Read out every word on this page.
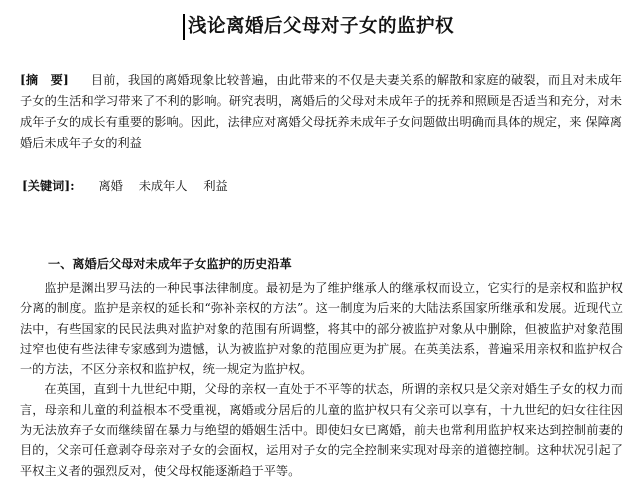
浅论离婚后父母对子女的监护权
[摘　要] 目前，我国的离婚现象比较普遍，由此带来的不仅是夫妻关系的解散和家庭的破裂，而且对未成年子女的生活和学习带来了不利的影响。研究表明，离婚后的父母对未成年子的抚养和照顾是否适当和充分，对未成年子女的成长有重要的影响。因此，法律应对离婚父母抚养未成年子女问题做出明确而具体的规定，来 保障离婚后未成年子女的利益
[关键词]: 离婚 未成年人 利益
一、离婚后父母对未成年子女监护的历史沿革

监护是渊出罗马法的一种民事法律制度。最初是为了维护继承人的继承权而设立，它实行的是亲权和监护权分离的制度。监护是亲权的延长和“弥补亲权的方法”。这一制度为后来的大陆法系国家所继承和发展。近现代立法中，有些国家的民民法典对监护对象的范围有所调整，将其中的部分被监护对象从中删除，但被监护对象范围过窄也使有些法律专家感到为遗憾，认为被监护对象的范围应更为扩展。在英美法系，普遍采用亲权和监护权合一的方法，不区分亲权和监护权，统一规定为监护权。

在英国，直到十九世纪中期，父母的亲权一直处于不平等的状态，所谓的亲权只是父亲对婚生子女的权力而言，母亲和儿童的利益根本不受重视，离婚或分居后的儿童的监护权只有父亲可以享有，十九世纪的妇女往往因为无法放弃子女而继续留在暴力与绝望的婚姻生活中。即使妇女已离婚，前夫也常利用监护权来达到控制前妻的目的，父亲可任意剥夺母亲对子女的会面权，运用对子女的完全控制来实现对母亲的道德控制。这种状况引起了平权主义者的强烈反对，使父母权能逐渐趋于平等。
